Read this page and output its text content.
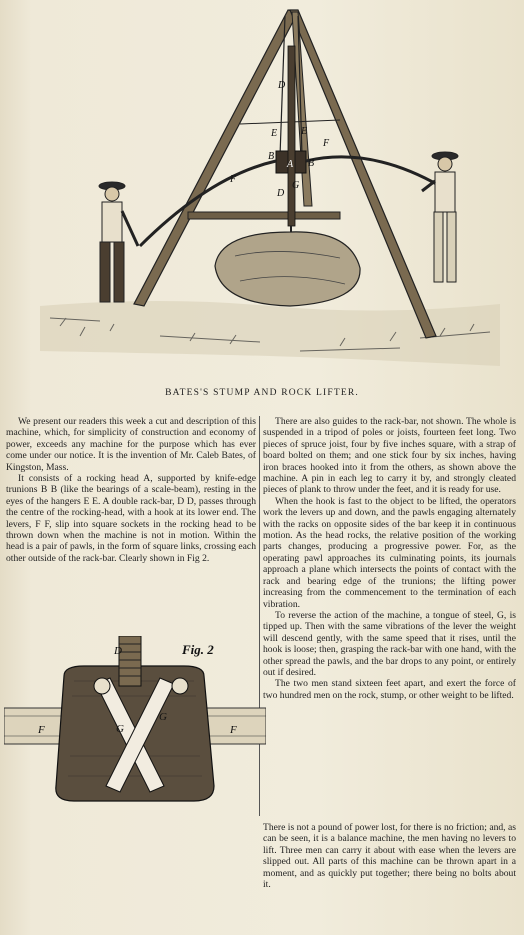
D
E E
F
B
A B
F
D
G
BATES'S STUMP AND ROCK LIFTER.

We present our readers this week a cut and description of this machine, which, for simplicity of construction and economy of power, exceeds any machine for the purpose which has ever come under our notice. It is the invention of Mr. Caleb Bates, of Kingston, Mass.

It consists of a rocking head A, supported by knife-edge trunions B B (like the bearings of a scale-beam), resting in the eyes of the hangers E E. A double rack-bar, D D, passes through the centre of the rocking-head, with a hook at its lower end. The levers, F F, slip into square sockets in the rocking head to be thrown down when the machine is not in motion. Within the head is a pair of pawls, in the form of square links, crossing each other outside of the rack-bar. Clearly shown in Fig 2.

D	Fig. 2
G
G
F	F

There are also guides to the rack-bar, not shown. The whole is suspended in a tripod of poles or joists, fourteen feet long. Two pieces of spruce joist, four by five inches square, with a strap of board bolted on them; and one stick four by six inches, having iron braces hooked into it from the others, as shown above the machine. A pin in each leg to carry it by, and strongly cleated pieces of plank to throw under the feet, and it is ready for use.

When the hook is fast to the object to be lifted, the operators work the levers up and down, and the pawls engaging alternately with the racks on opposite sides of the bar keep it in continuous motion. As the head rocks, the relative position of the working parts changes, producing a progressive power. For, as the operating pawl approaches its culminating points, its journals approach a plane which intersects the points of contact with the rack and bearing edge of the trunions; the lifting power increasing from the commencement to the termination of each vibration.

To reverse the action of the machine, a tongue of steel, G, is tipped up. Then with the same vibrations of the lever the weight will descend gently, with the same speed that it rises, until the hook is loose; then, grasping the rack-bar with one hand, with the other spread the pawls, and the bar drops to any point, or entirely out if desired.

The two men stand sixteen feet apart, and exert the force of two hundred men on the rock, stump, or other weight to be lifted.

There is not a pound of power lost, for there is no friction; and, as can be seen, it is a balance machine, the men having no levers to lift. Three men can carry it about with ease when the levers are slipped out. All parts of this machine can be thrown apart in a moment, and as quickly put together; there being no bolts about it.
